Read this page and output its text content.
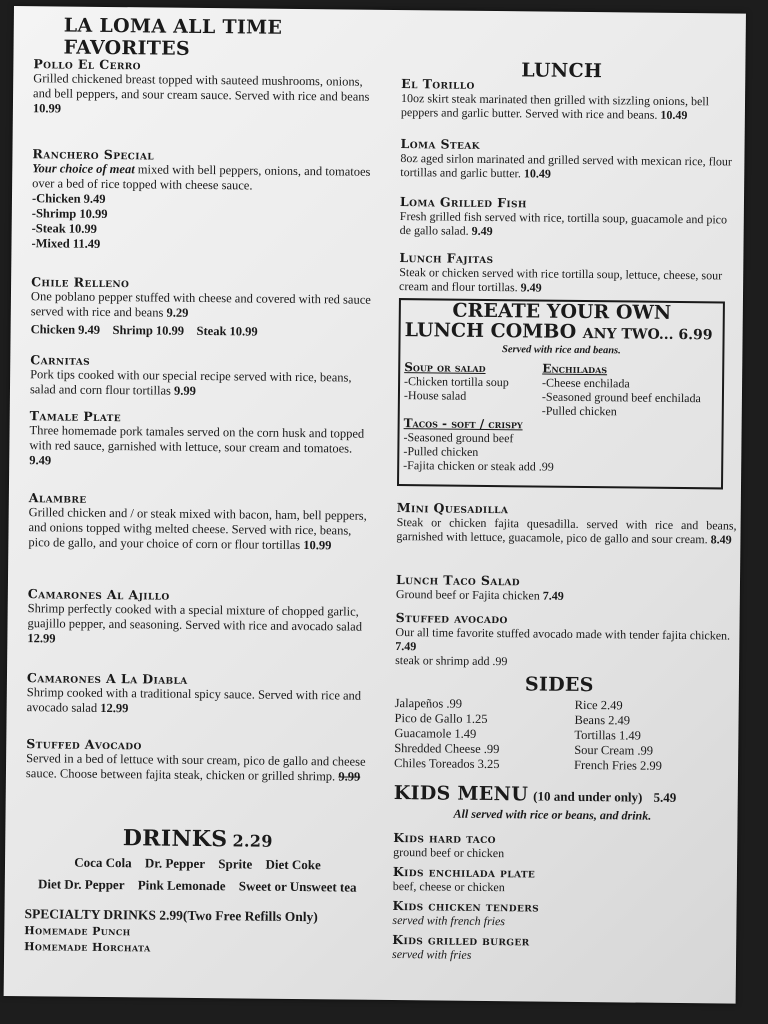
LA LOMA ALL TIME FAVORITES
Pollo El Cerro
Grilled chickened breast topped with sauteed mushrooms, onions, and bell peppers, and sour cream sauce. Served with rice and beans 10.99
Ranchero Special
Your choice of meat mixed with bell peppers, onions, and tomatoes over a bed of rice topped with cheese sauce.
-Chicken 9.49
-Shrimp 10.99
-Steak 10.99
-Mixed 11.49
Chile Relleno
One poblano pepper stuffed with cheese and covered with red sauce served with rice and beans 9.29
Chicken 9.49    Shrimp 10.99    Steak 10.99
Carnitas
Pork tips cooked with our special recipe served with rice, beans, salad and corn flour tortillas 9.99
Tamale Plate
Three homemade pork tamales served on the corn husk and topped with red sauce, garnished with lettuce, sour cream and tomatoes. 9.49
Alambre
Grilled chicken and / or steak mixed with bacon, ham, bell peppers, and onions topped withg melted cheese. Served with rice, beans, pico de gallo, and your choice of corn or flour tortillas 10.99
Camarones Al Ajillo
Shrimp perfectly cooked with a special mixture of chopped garlic, guajillo pepper, and seasoning. Served with rice and avocado salad 12.99
Camarones A La Diabla
Shrimp cooked with a traditional spicy sauce. Served with rice and avocado salad 12.99
Stuffed Avocado
Served in a bed of lettuce with sour cream, pico de gallo and cheese sauce. Choose between fajita steak, chicken or grilled shrimp. 9.99
DRINKS 2.29
Coca Cola Dr. Pepper Sprite Diet Coke
Diet Dr. Pepper Pink Lemonade Sweet or Unsweet tea
SPECIALTY DRINKS 2.99(Two Free Refills Only)
Homemade Punch
Homemade Horchata
LUNCH
El Torillo
10oz skirt steak marinated then grilled with sizzling onions, bell peppers and garlic butter. Served with rice and beans. 10.49
Loma Steak
8oz aged sirlon marinated and grilled served with mexican rice, flour tortillas and garlic butter. 10.49
Loma Grilled Fish
Fresh grilled fish served with rice, tortilla soup, guacamole and pico de gallo salad. 9.49
Lunch Fajitas
Steak or chicken served with rice tortilla soup, lettuce, cheese, sour cream and flour tortillas. 9.49
CREATE YOUR OWN
LUNCH COMBO ANY TWO... 6.99
Served with rice and beans.
Soup or salad
-Chicken tortilla soup
-House salad
Enchiladas
-Cheese enchilada
-Seasoned ground beef enchilada
-Pulled chicken
Tacos - soft / crispy
-Seasoned ground beef
-Pulled chicken
-Fajita chicken or steak add .99
Mini Quesadilla
Steak or chicken fajita quesadilla. served with rice and beans, garnished with lettuce, guacamole, pico de gallo and sour cream. 8.49
Lunch Taco Salad
Ground beef or Fajita chicken 7.49
Stuffed avocado
Our all time favorite stuffed avocado made with tender fajita chicken. 7.49
steak or shrimp add .99
SIDES
Jalapeños .99
Pico de Gallo 1.25
Guacamole 1.49
Shredded Cheese .99
Chiles Toreados 3.25
Rice 2.49
Beans 2.49
Tortillas 1.49
Sour Cream .99
French Fries 2.99
KIDS MENU (10 and under only) 5.49
All served with rice or beans, and drink.
Kids hard taco
ground beef or chicken
Kids enchilada plate
beef, cheese or chicken
Kids chicken tenders
served with french fries
Kids grilled burger
served with fries
